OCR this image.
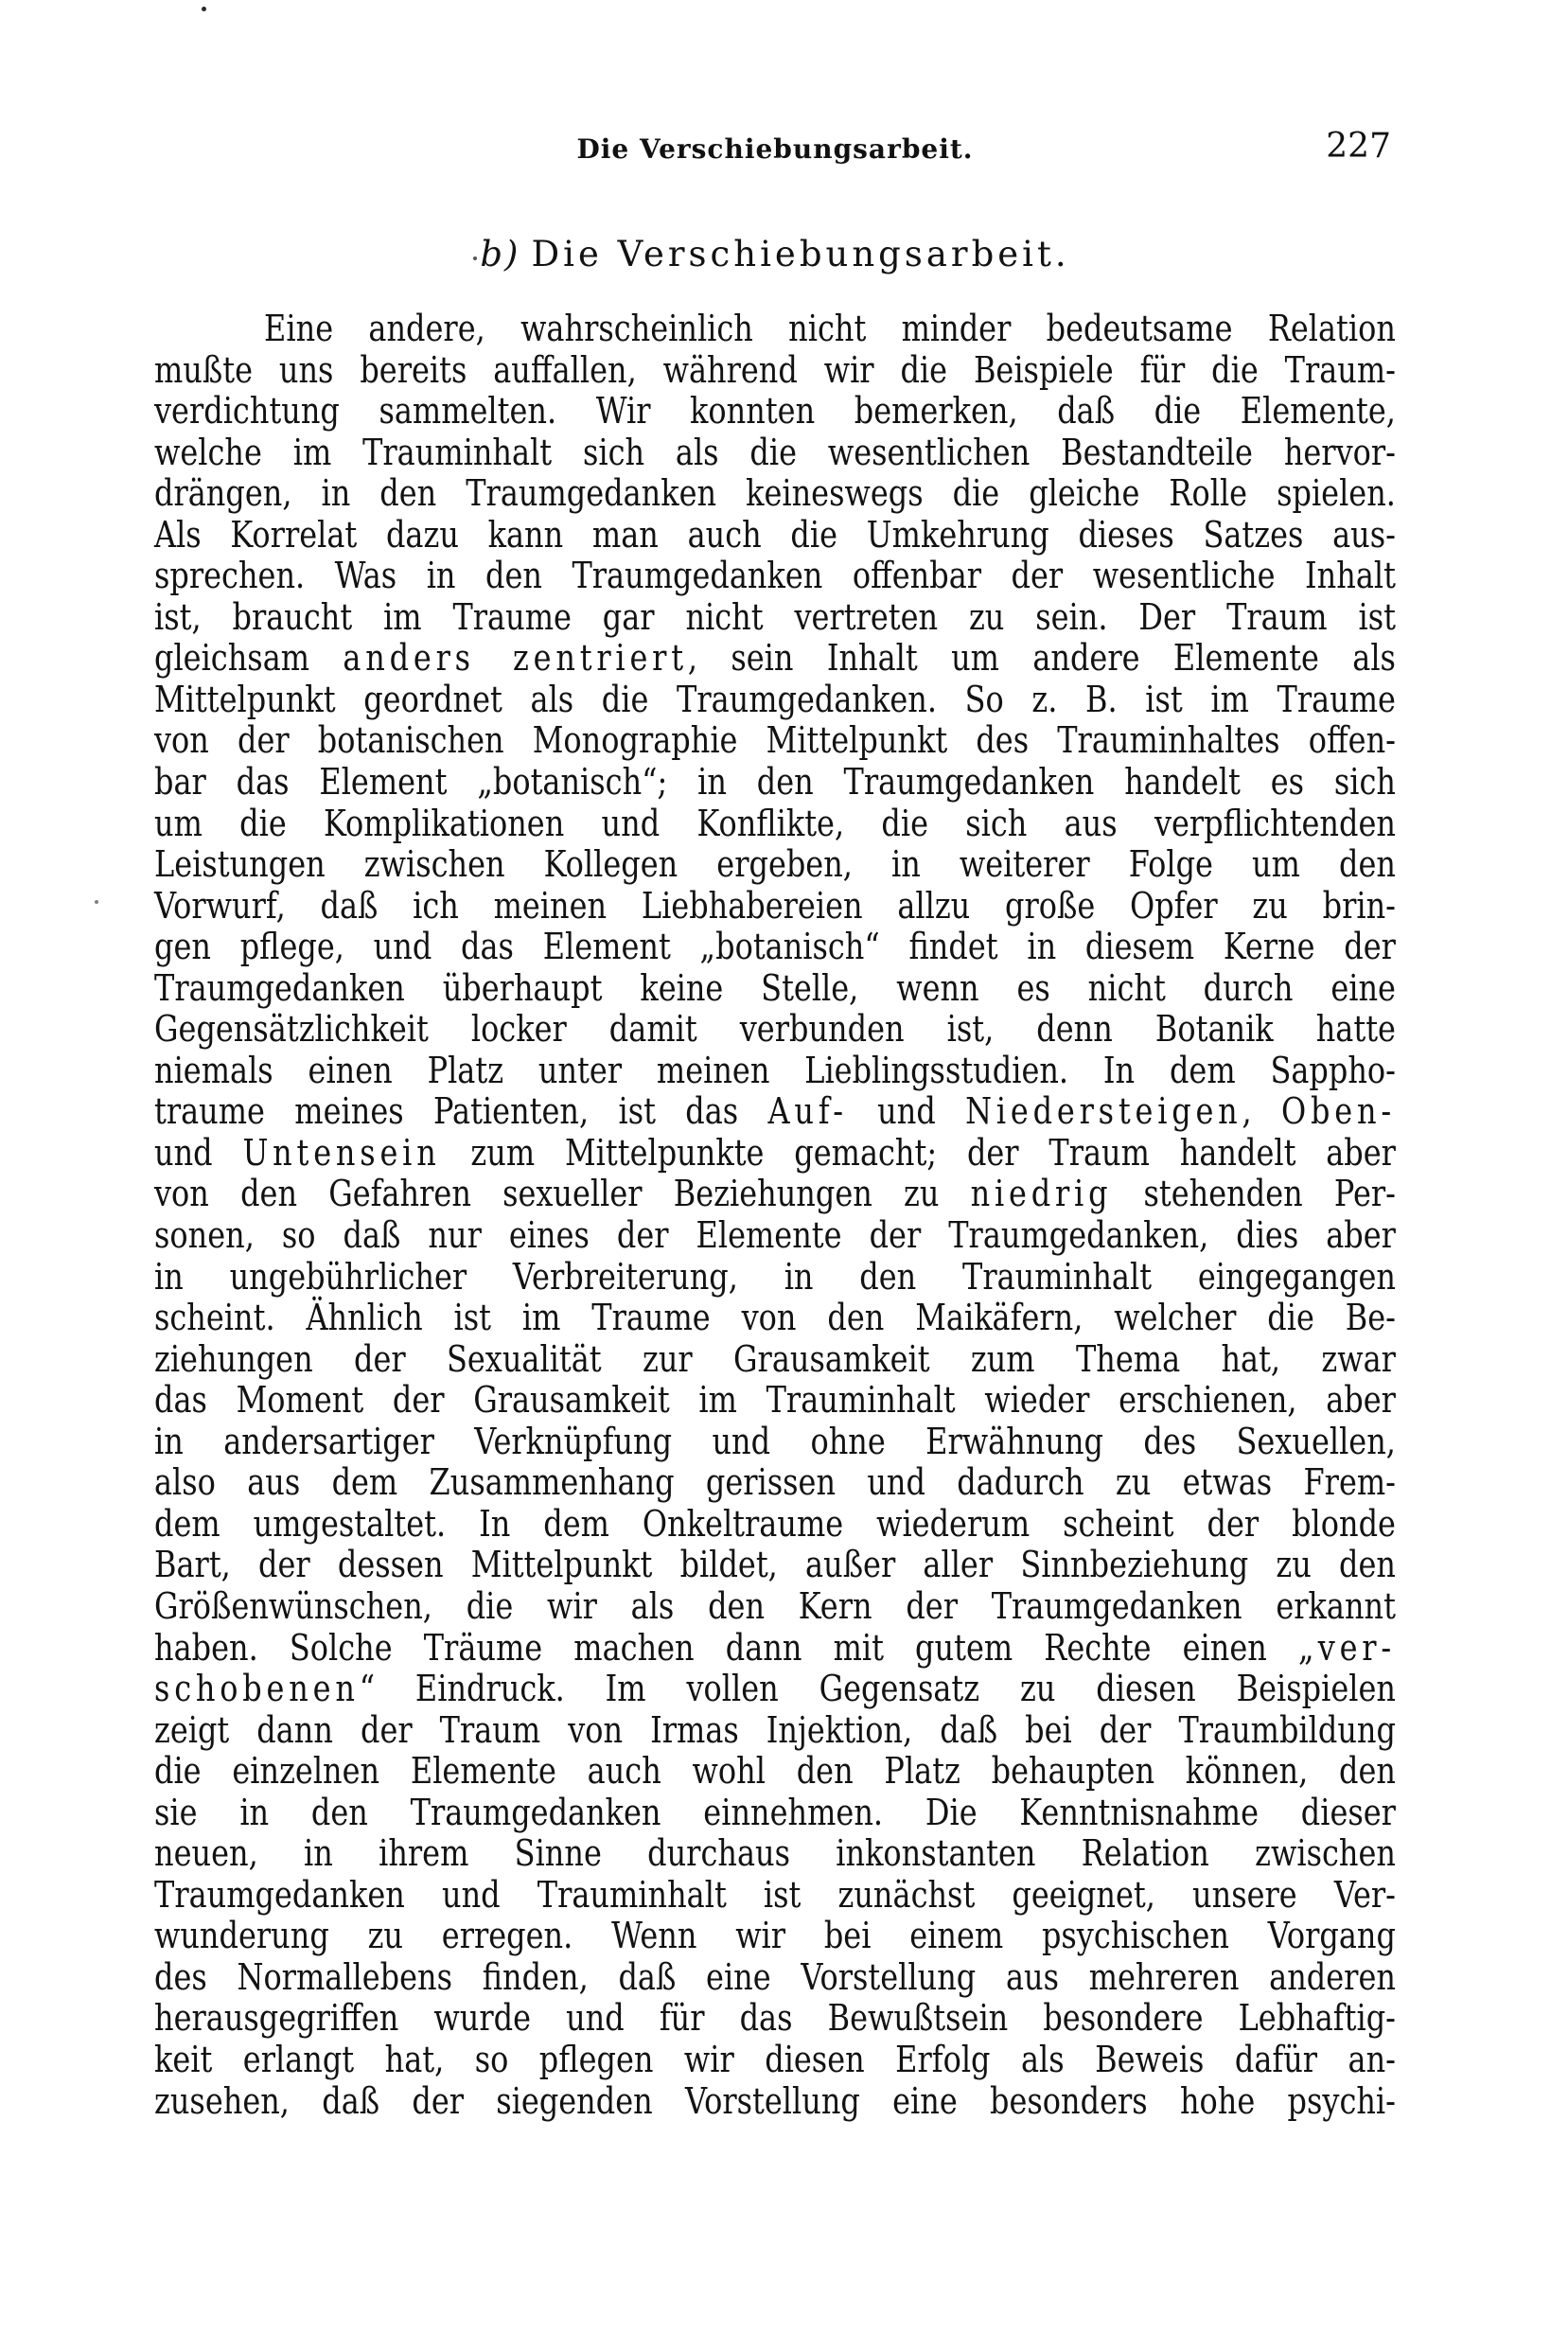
Die Verschiebungsarbeit.	227
b) Die Verschiebungsarbeit.
Eine andere, wahrscheinlich nicht minder bedeutsame Relation
mußte uns bereits auffallen, während wir die Beispiele für die Traum-
verdichtung sammelten. Wir konnten bemerken, daß die Elemente,
welche im Trauminhalt sich als die wesentlichen Bestandteile hervor-
drängen, in den Traumgedanken keineswegs die gleiche Rolle spielen.
Als Korrelat dazu kann man auch die Umkehrung dieses Satzes aus-
sprechen. Was in den Traumgedanken offenbar der wesentliche Inhalt
ist, braucht im Traume gar nicht vertreten zu sein. Der Traum ist
gleichsam anders zentriert, sein Inhalt um andere Elemente als
Mittelpunkt geordnet als die Traumgedanken. So z. B. ist im Traume
von der botanischen Monographie Mittelpunkt des Trauminhaltes offen-
bar das Element „botanisch“; in den Traumgedanken handelt es sich
um die Komplikationen und Konflikte, die sich aus verpflichtenden
Leistungen zwischen Kollegen ergeben, in weiterer Folge um den
Vorwurf, daß ich meinen Liebhabereien allzu große Opfer zu brin-
gen pflege, und das Element „botanisch“ findet in diesem Kerne der
Traumgedanken überhaupt keine Stelle, wenn es nicht durch eine
Gegensätzlichkeit locker damit verbunden ist, denn Botanik hatte
niemals einen Platz unter meinen Lieblingsstudien. In dem Sappho-
traume meines Patienten, ist das Auf- und Niedersteigen, Oben-
und Untensein zum Mittelpunkte gemacht; der Traum handelt aber
von den Gefahren sexueller Beziehungen zu niedrig stehenden Per-
sonen, so daß nur eines der Elemente der Traumgedanken, dies aber
in ungebührlicher Verbreiterung, in den Trauminhalt eingegangen
scheint. Ähnlich ist im Traume von den Maikäfern, welcher die Be-
ziehungen der Sexualität zur Grausamkeit zum Thema hat, zwar
das Moment der Grausamkeit im Trauminhalt wieder erschienen, aber
in andersartiger Verknüpfung und ohne Erwähnung des Sexuellen,
also aus dem Zusammenhang gerissen und dadurch zu etwas Frem-
dem umgestaltet. In dem Onkeltraume wiederum scheint der blonde
Bart, der dessen Mittelpunkt bildet, außer aller Sinnbeziehung zu den
Größenwünschen, die wir als den Kern der Traumgedanken erkannt
haben. Solche Träume machen dann mit gutem Rechte einen „ver-
schobenen“ Eindruck. Im vollen Gegensatz zu diesen Beispielen
zeigt dann der Traum von Irmas Injektion, daß bei der Traumbildung
die einzelnen Elemente auch wohl den Platz behaupten können, den
sie in den Traumgedanken einnehmen. Die Kenntnisnahme dieser
neuen, in ihrem Sinne durchaus inkonstanten Relation zwischen
Traumgedanken und Trauminhalt ist zunächst geeignet, unsere Ver-
wunderung zu erregen. Wenn wir bei einem psychischen Vorgang
des Normallebens finden, daß eine Vorstellung aus mehreren anderen
herausgegriffen wurde und für das Bewußtsein besondere Lebhaftig-
keit erlangt hat, so pflegen wir diesen Erfolg als Beweis dafür an-
zusehen, daß der siegenden Vorstellung eine besonders hohe psychi-
